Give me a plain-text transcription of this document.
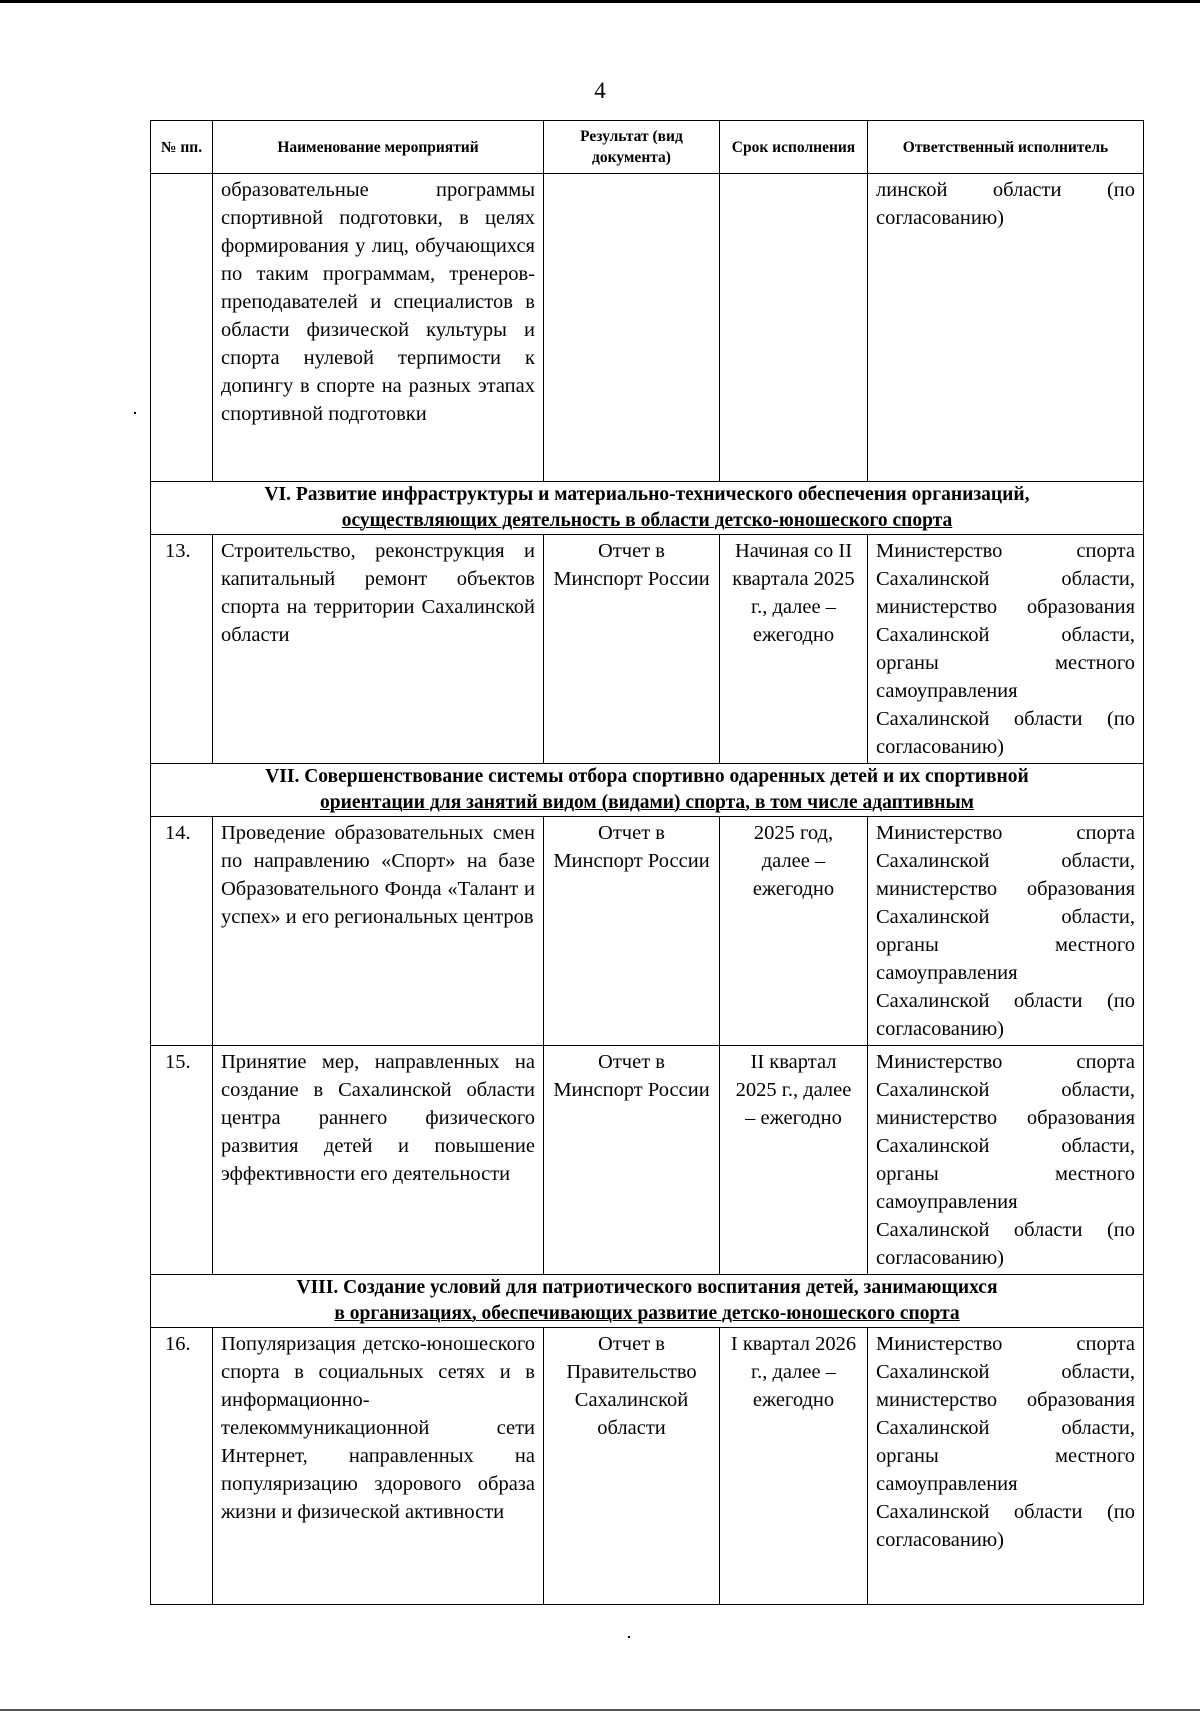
4
№ пп.	Наименование мероприятий	Результат (вид документа)	Срок исполнения	Ответственный исполнитель

	образовательные программы спортивной подготовки, в целях формирования у лиц, обучающихся по таким программам, тренеров-преподавателей и специалистов в области физической культуры и спорта нулевой терпимости к допингу в спорте на разных этапах спортивной подготовки			линской области (по согласованию)

VI. Развитие инфраструктуры и материально-технического обеспечения организаций,
осуществляющих деятельность в области детско-юношеского спорта				

13.	Строительство, реконструкция и капитальный ремонт объектов спорта на территории Сахалинской области	Отчет в Минспорт России	Начиная со II квартала 2025 г., далее – ежегодно	Министерство спорта Сахалинской области, министерство образования Сахалинской области, органы местного самоуправления Сахалинской области (по согласованию)

VII. Совершенствование системы отбора спортивно одаренных детей и их спортивной
ориентации для занятий видом (видами) спорта, в том числе адаптивным				

14.	Проведение образовательных смен по направлению «Спорт» на базе Образовательного Фонда «Талант и успех» и его региональных центров	Отчет в Минспорт России	2025 год, далее – ежегодно	Министерство спорта Сахалинской области, министерство образования Сахалинской области, органы местного самоуправления Сахалинской области (по согласованию)

15.	Принятие мер, направленных на создание в Сахалинской области центра раннего физического развития детей и повышение эффективности его деятельности	Отчет в Минспорт России	II квартал 2025 г., далее – ежегодно	Министерство спорта Сахалинской области, министерство образования Сахалинской области, органы местного самоуправления Сахалинской области (по согласованию)

VIII. Создание условий для патриотического воспитания детей, занимающихся
в организациях, обеспечивающих развитие детско-юношеского спорта				

16.	Популяризация детско-юношеского спорта в социальных сетях и в информационно-телекоммуникационной сети Интернет, направленных на популяризацию здорового образа жизни и физической активности	Отчет в Правительство Сахалинской области	I квартал 2026 г., далее – ежегодно	Министерство спорта Сахалинской области, министерство образования Сахалинской области, органы местного самоуправления Сахалинской области (по согласованию)
